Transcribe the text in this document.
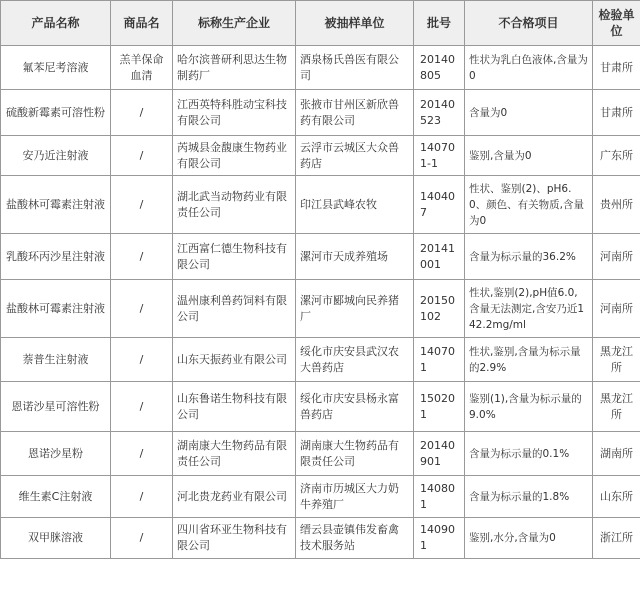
产品名称	商品名	标称生产企业	被抽样单位	批号	不合格项目	检验单位
氟苯尼考溶液	羔羊保命血清	哈尔滨普研利思达生物制药厂	酒泉杨氏兽医有限公司	20140805	性状为乳白色液体,含量为0	甘肃所
硫酸新霉素可溶性粉	/	江西英特科胜动宝科技有限公司	张掖市甘州区新欣兽药有限公司	20140523	含量为0	甘肃所
安乃近注射液	/	芮城县金馥康生物药业有限公司	云浮市云城区大众兽药店	140701-1	鉴别,含量为0	广东所
盐酸林可霉素注射液	/	湖北武当动物药业有限责任公司	印江县武峰农牧	140407	性状、鉴别(2)、pH6.0、颜色、有关物质,含量为0	贵州所
乳酸环丙沙星注射液	/	江西富仁德生物科技有限公司	漯河市天成养殖场	20141001	含量为标示量的36.2%	河南所
盐酸林可霉素注射液	/	温州康利兽药饲料有限公司	漯河市郾城向民养猪厂	20150102	性状,鉴别(2),pH值6.0,含量无法测定,含安乃近142.2mg/ml	河南所
萘普生注射液	/	山东天振药业有限公司	绥化市庆安县武汉农大兽药店	140701	性状,鉴别,含量为标示量的2.9%	黑龙江所
恩诺沙星可溶性粉	/	山东鲁诺生物科技有限公司	绥化市庆安县杨永富兽药店	150201	鉴别(1),含量为标示量的9.0%	黑龙江所
恩诺沙星粉	/	湖南康大生物药品有限责任公司	湖南康大生物药品有限责任公司	20140901	含量为标示量的0.1%	湖南所
维生素C注射液	/	河北贵龙药业有限公司	济南市历城区大力奶牛养殖厂	140801	含量为标示量的1.8%	山东所
双甲脒溶液	/	四川省环亚生物科技有限公司	缙云县壶镇伟发畜禽技术服务站	140901	鉴别,水分,含量为0	浙江所
